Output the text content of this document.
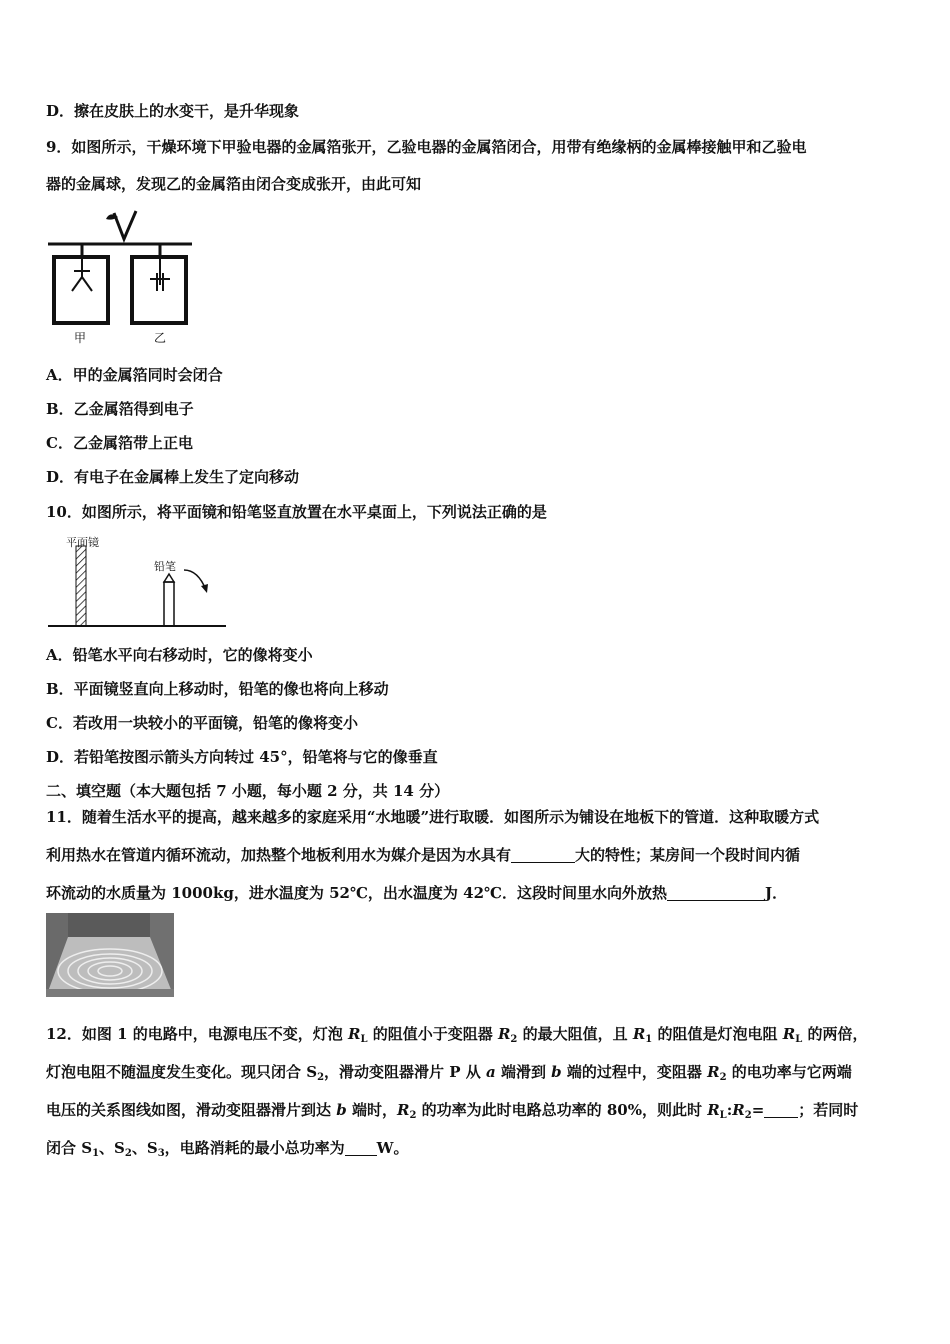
D．擦在皮肤上的水变干，是升华现象
9．如图所示，干燥环境下甲验电器的金属箔张开，乙验电器的金属箔闭合，用带有绝缘柄的金属棒接触甲和乙验电
器的金属球，发现乙的金属箔由闭合变成张开，由此可知
甲	乙
A．甲的金属箔同时会闭合
B．乙金属箔得到电子
C．乙金属箔带上正电
D．有电子在金属棒上发生了定向移动
10．如图所示，将平面镜和铅笔竖直放置在水平桌面上，下列说法正确的是
平面镜
铅笔
A．铅笔水平向右移动时，它的像将变小
B．平面镜竖直向上移动时，铅笔的像也将向上移动
C．若改用一块较小的平面镜，铅笔的像将变小
D．若铅笔按图示箭头方向转过 45°，铅笔将与它的像垂直
二、填空题（本大题包括 7 小题，每小题 2 分，共 14 分）
11．随着生活水平的提高，越来越多的家庭采用“水地暖”进行取暖．如图所示为铺设在地板下的管道．这种取暖方式
利用热水在管道内循环流动，加热整个地板利用水为媒介是因为水具有	大的特性；某房间一个段时间内循
环流动的水质量为 1000kg，进水温度为 52℃，出水温度为 42℃．这段时间里水向外放热	J．
12．如图 1 的电路中，电源电压不变，灯泡 $R_L$ 的阻值小于变阻器 $R_2$ 的最大阻值，且 $R_1$ 的阻值是灯泡电阻 $R_L$ 的两倍，
灯泡电阻不随温度发生变化。现只闭合 $S_2$，滑动变阻器滑片 P 从 a 端滑到 b 端的过程中，变阻器 $R_2$ 的电功率与它两端
电压的关系图线如图，滑动变阻器滑片到达 b 端时，$R_2$ 的功率为此时电路总功率的 80%，则此时 $R_L:R_2=$ ；若同时
闭合 $S_1$、$S_2$、$S_3$，电路消耗的最小总功率为 W。
